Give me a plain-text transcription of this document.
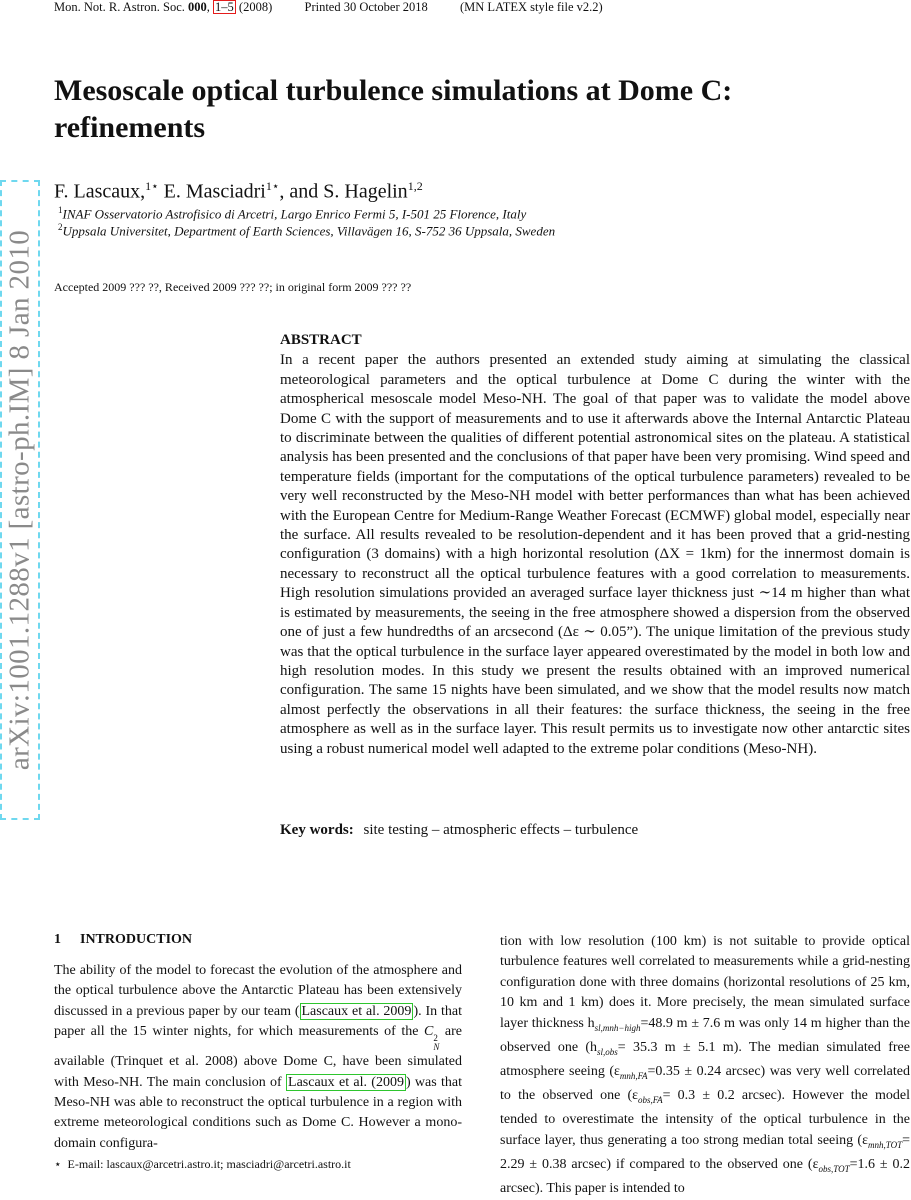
Mon. Not. R. Astron. Soc. 000, 1–5 (2008)	Printed 30 October 2018	(MN LATEX style file v2.2)
arXiv:1001.1288v1 [astro-ph.IM] 8 Jan 2010
Mesoscale optical turbulence simulations at Dome C: refinements
F. Lascaux,$^{1⋆}$ E. Masciadri$^{1⋆}$, and S. Hagelin$^{1,2}$
$^1$INAF Osservatorio Astrofisico di Arcetri, Largo Enrico Fermi 5, I-501 25 Florence, Italy
$^2$Uppsala Universitet, Department of Earth Sciences, Villavägen 16, S-752 36 Uppsala, Sweden
Accepted 2009 ??? ??, Received 2009 ??? ??; in original form 2009 ??? ??
ABSTRACT

In a recent paper the authors presented an extended study aiming at simulating the classical meteorological parameters and the optical turbulence at Dome C during the winter with the atmospherical mesoscale model Meso-NH. The goal of that paper was to validate the model above Dome C with the support of measurements and to use it afterwards above the Internal Antarctic Plateau to discriminate between the qualities of different potential astronomical sites on the plateau. A statistical analysis has been presented and the conclusions of that paper have been very promising. Wind speed and temperature fields (important for the computations of the optical turbulence parameters) revealed to be very well reconstructed by the Meso-NH model with better performances than what has been achieved with the European Centre for Medium-Range Weather Forecast (ECMWF) global model, especially near the surface. All results revealed to be resolution-dependent and it has been proved that a grid-nesting configuration (3 domains) with a high horizontal resolution (ΔX = 1km) for the innermost domain is necessary to reconstruct all the optical turbulence features with a good correlation to measurements. High resolution simulations provided an averaged surface layer thickness just ∼14 m higher than what is estimated by measurements, the seeing in the free atmosphere showed a dispersion from the observed one of just a few hundredths of an arcsecond (Δε ∼ 0.05”). The unique limitation of the previous study was that the optical turbulence in the surface layer appeared overestimated by the model in both low and high resolution modes. In this study we present the results obtained with an improved numerical configuration. The same 15 nights have been simulated, and we show that the model results now match almost perfectly the observations in all their features: the surface thickness, the seeing in the free atmosphere as well as in the surface layer. This result permits us to investigate now other antarctic sites using a robust numerical model well adapted to the extreme polar conditions (Meso-NH).

Key words: site testing – atmospheric effects – turbulence
1 INTRODUCTION

The ability of the model to forecast the evolution of the atmosphere and the optical turbulence above the Antarctic Plateau has been extensively discussed in a previous paper by our team ( Lascaux et al. 2009 ). In that paper all the 15 winter nights, for which measurements of the C 2
N
are available (Trinquet et al. 2008) above Dome C, have been simulated with Meso-NH. The main conclusion of Lascaux et al. (2009 ) was that Meso-NH was able to reconstruct the optical turbulence in a region with extreme meteorological conditions such as Dome C. However a mono-domain configura-

tion with low resolution (100 km) is not suitable to provide optical turbulence features well correlated to measurements while a grid-nesting configuration done with three domains (horizontal resolutions of 25 km, 10 km and 1 km) does it. More precisely, the mean simulated surface layer thickness $h_{sl,mnh-high}=48.9$ m ± 7.6 m was only 14 m higher than the observed one ($h_{sl,obs}= 35.3$ m ± 5.1 m). The median simulated free atmosphere seeing ($\varepsilon_{mnh,FA}=0.35 \pm 0.24$ arcsec) was very well correlated to the observed one ($\varepsilon_{obs,FA}= 0.3 \pm 0.2$ arcsec). However the model tended to overestimate the intensity of the optical turbulence in the surface layer, thus generating a too strong median total seeing ($\varepsilon_{mnh,TOT}= 2.29 \pm 0.38$ arcsec) if compared to the observed one ($\varepsilon_{obs,TOT}=1.6 \pm 0.2$ arcsec). This paper is intended to

⋆ E-mail: lascaux@arcetri.astro.it; masciadri@arcetri.astro.it
